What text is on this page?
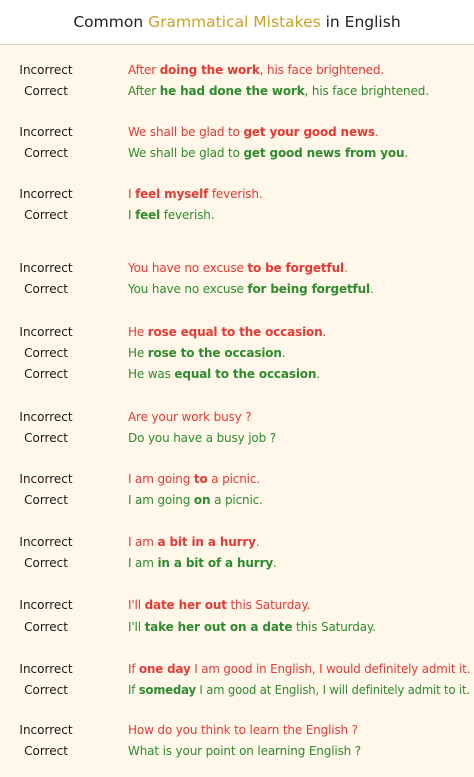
Common Grammatical Mistakes in English
Incorrect	After doing the work, his face brightened.
Correct	After he had done the work, his face brightened.
Incorrect	We shall be glad to get your good news.
Correct	We shall be glad to get good news from you.
Incorrect	I feel myself feverish.
Correct	I feel feverish.
Incorrect	You have no excuse to be forgetful.
Correct	You have no excuse for being forgetful.
Incorrect	He rose equal to the occasion.
Correct	He rose to the occasion.
Correct	He was equal to the occasion.
Incorrect	Are your work busy ?
Correct	Do you have a busy job ?
Incorrect	I am going to a picnic.
Correct	I am going on a picnic.
Incorrect	I am a bit in a hurry.
Correct	I am in a bit of a hurry.
Incorrect	I'll date her out this Saturday.
Correct	I'll take her out on a date this Saturday.
Incorrect	If one day I am good in English, I would definitely admit it.
Correct	If someday I am good at English, I will definitely admit to it.
Incorrect	How do you think to learn the English ?
Correct	What is your point on learning English ?
